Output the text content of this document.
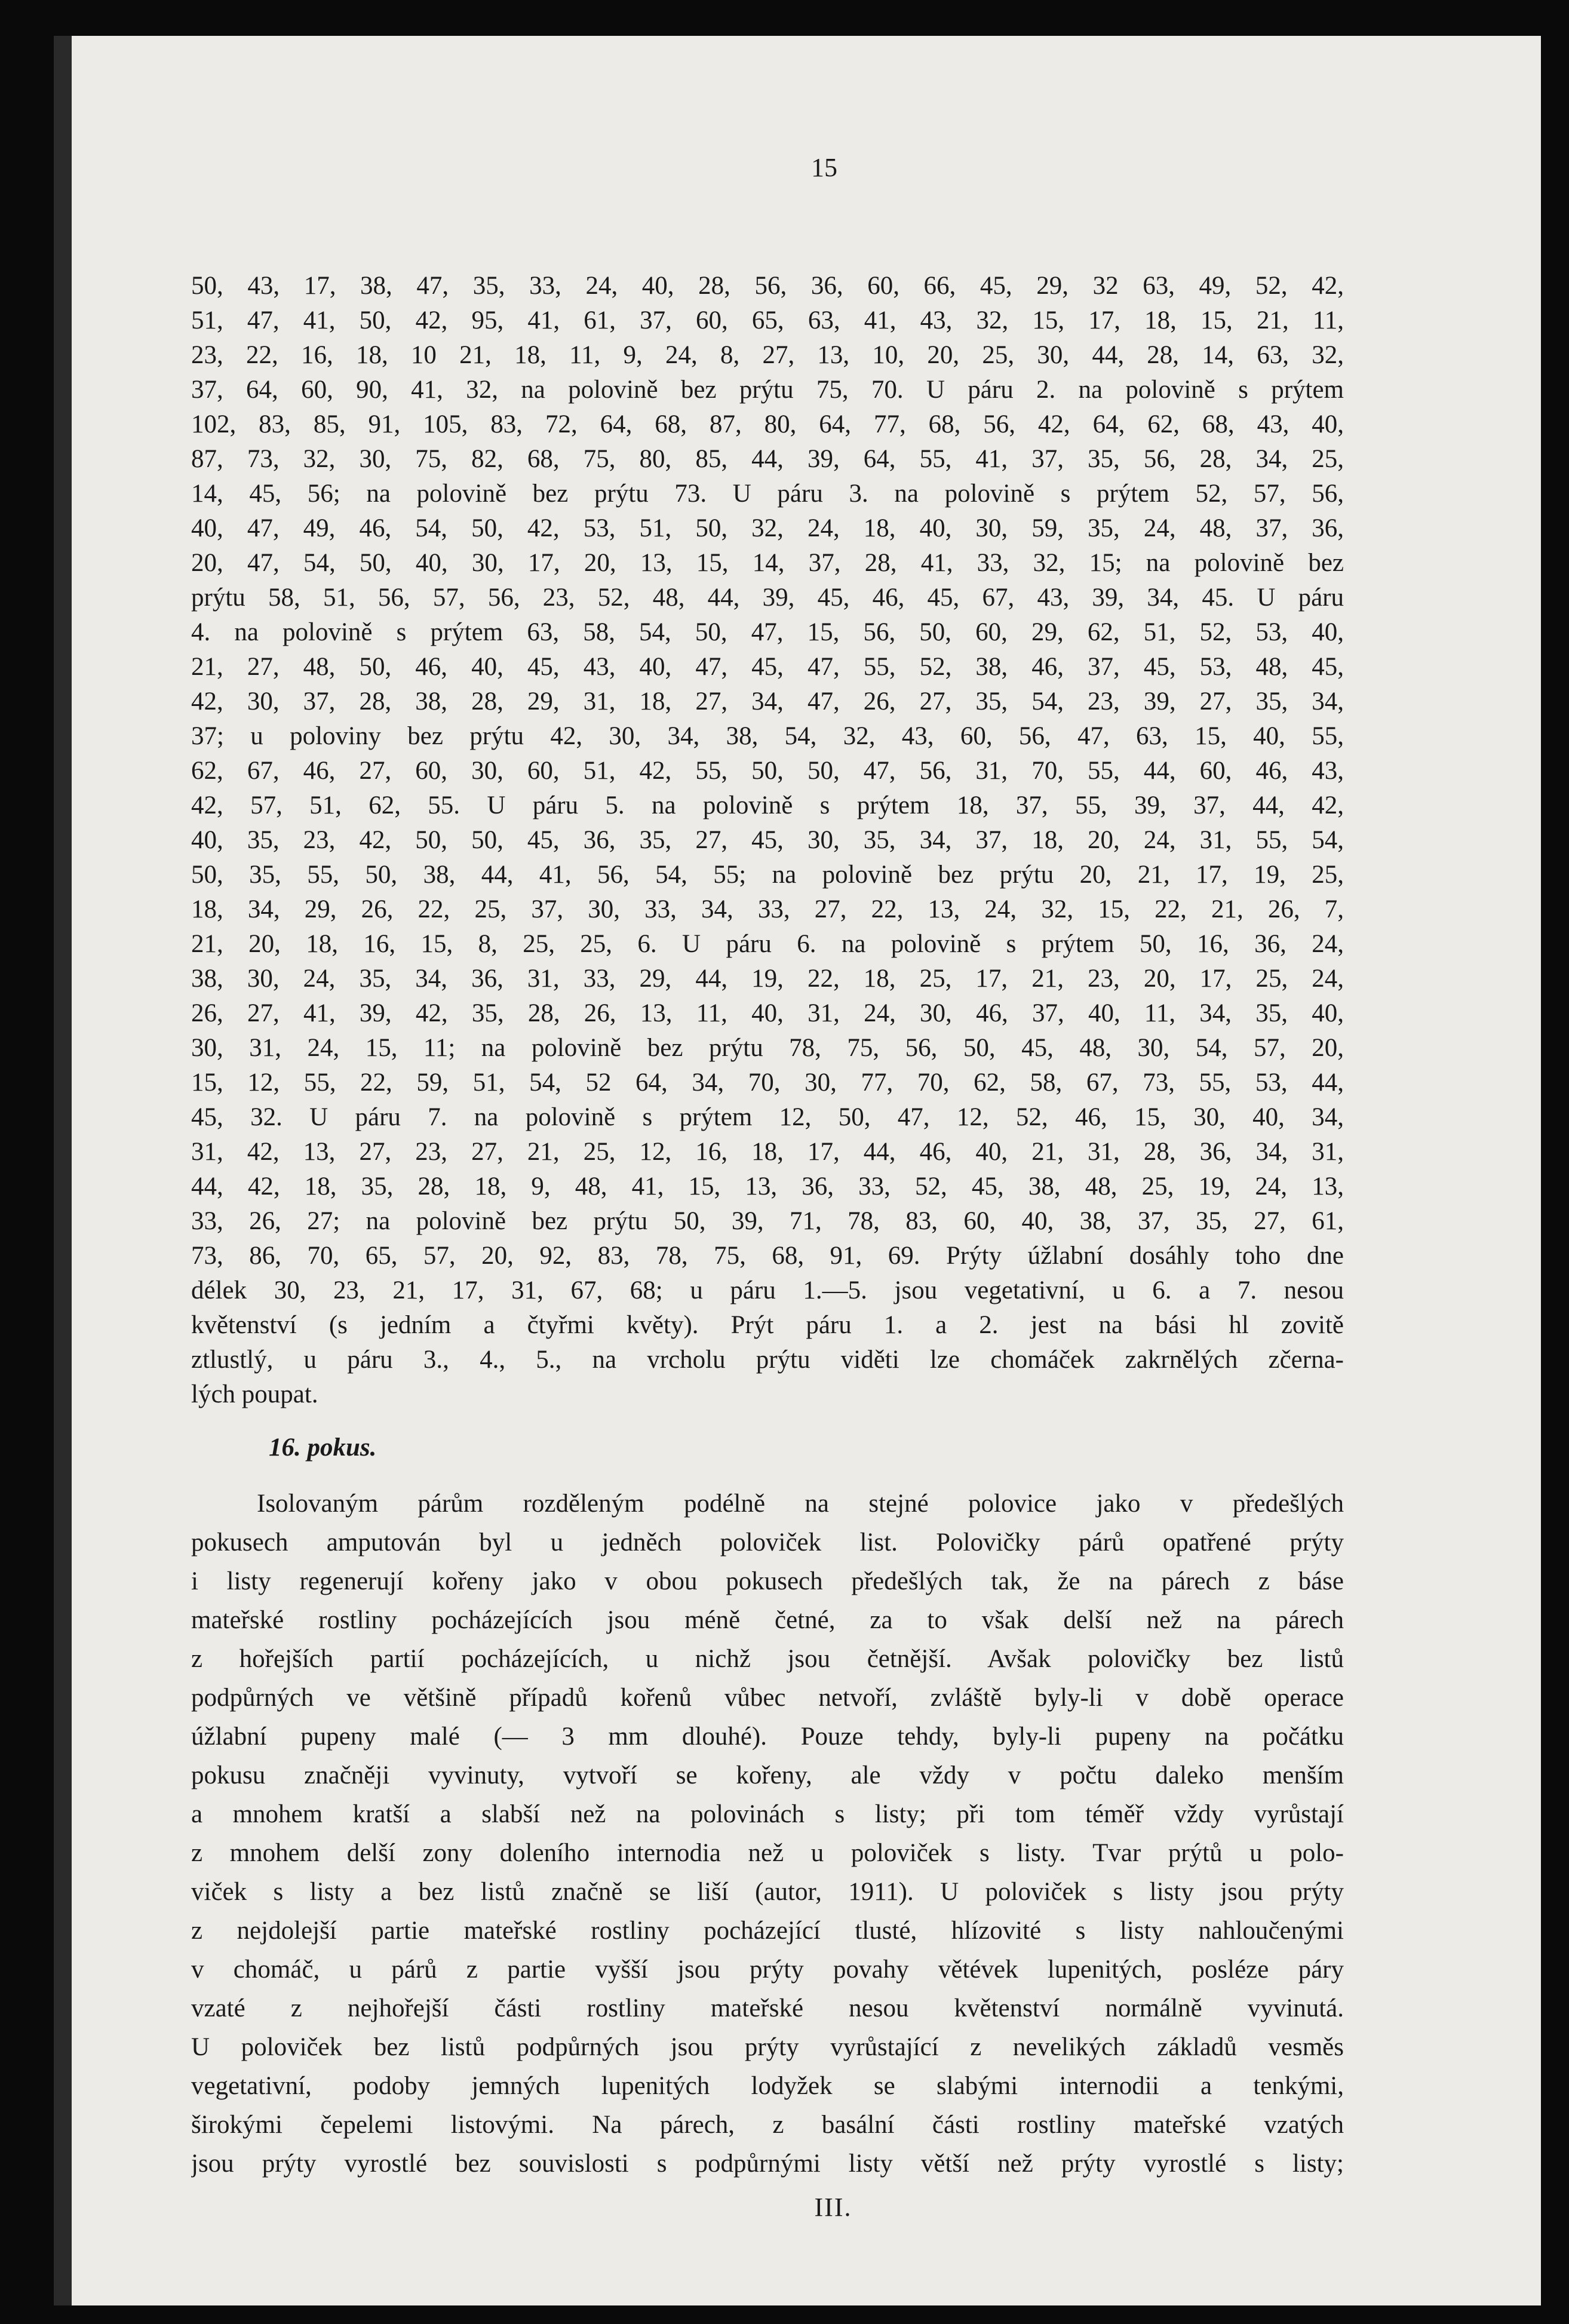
15
50, 43, 17, 38, 47, 35, 33, 24, 40, 28, 56, 36, 60, 66, 45, 29, 32 63, 49, 52, 42,
51, 47, 41, 50, 42, 95, 41, 61, 37, 60, 65, 63, 41, 43, 32, 15, 17, 18, 15, 21, 11,
23, 22, 16, 18, 10 21, 18, 11, 9, 24, 8, 27, 13, 10, 20, 25, 30, 44, 28, 14, 63, 32,
37, 64, 60, 90, 41, 32, na polovině bez prýtu 75, 70. U páru 2. na polovině s prýtem
102, 83, 85, 91, 105, 83, 72, 64, 68, 87, 80, 64, 77, 68, 56, 42, 64, 62, 68, 43, 40,
87, 73, 32, 30, 75, 82, 68, 75, 80, 85, 44, 39, 64, 55, 41, 37, 35, 56, 28, 34, 25,
14, 45, 56; na polovině bez prýtu 73. U páru 3. na polovině s prýtem 52, 57, 56,
40, 47, 49, 46, 54, 50, 42, 53, 51, 50, 32, 24, 18, 40, 30, 59, 35, 24, 48, 37, 36,
20, 47, 54, 50, 40, 30, 17, 20, 13, 15, 14, 37, 28, 41, 33, 32, 15; na polovině bez
prýtu 58, 51, 56, 57, 56, 23, 52, 48, 44, 39, 45, 46, 45, 67, 43, 39, 34, 45. U páru
4. na polovině s prýtem 63, 58, 54, 50, 47, 15, 56, 50, 60, 29, 62, 51, 52, 53, 40,
21, 27, 48, 50, 46, 40, 45, 43, 40, 47, 45, 47, 55, 52, 38, 46, 37, 45, 53, 48, 45,
42, 30, 37, 28, 38, 28, 29, 31, 18, 27, 34, 47, 26, 27, 35, 54, 23, 39, 27, 35, 34,
37; u poloviny bez prýtu 42, 30, 34, 38, 54, 32, 43, 60, 56, 47, 63, 15, 40, 55,
62, 67, 46, 27, 60, 30, 60, 51, 42, 55, 50, 50, 47, 56, 31, 70, 55, 44, 60, 46, 43,
42, 57, 51, 62, 55. U páru 5. na polovině s prýtem 18, 37, 55, 39, 37, 44, 42,
40, 35, 23, 42, 50, 50, 45, 36, 35, 27, 45, 30, 35, 34, 37, 18, 20, 24, 31, 55, 54,
50, 35, 55, 50, 38, 44, 41, 56, 54, 55; na polovině bez prýtu 20, 21, 17, 19, 25,
18, 34, 29, 26, 22, 25, 37, 30, 33, 34, 33, 27, 22, 13, 24, 32, 15, 22, 21, 26, 7,
21, 20, 18, 16, 15, 8, 25, 25, 6. U páru 6. na polovině s prýtem 50, 16, 36, 24,
38, 30, 24, 35, 34, 36, 31, 33, 29, 44, 19, 22, 18, 25, 17, 21, 23, 20, 17, 25, 24,
26, 27, 41, 39, 42, 35, 28, 26, 13, 11, 40, 31, 24, 30, 46, 37, 40, 11, 34, 35, 40,
30, 31, 24, 15, 11; na polovině bez prýtu 78, 75, 56, 50, 45, 48, 30, 54, 57, 20,
15, 12, 55, 22, 59, 51, 54, 52 64, 34, 70, 30, 77, 70, 62, 58, 67, 73, 55, 53, 44,
45, 32. U páru 7. na polovině s prýtem 12, 50, 47, 12, 52, 46, 15, 30, 40, 34,
31, 42, 13, 27, 23, 27, 21, 25, 12, 16, 18, 17, 44, 46, 40, 21, 31, 28, 36, 34, 31,
44, 42, 18, 35, 28, 18, 9, 48, 41, 15, 13, 36, 33, 52, 45, 38, 48, 25, 19, 24, 13,
33, 26, 27; na polovině bez prýtu 50, 39, 71, 78, 83, 60, 40, 38, 37, 35, 27, 61,
73, 86, 70, 65, 57, 20, 92, 83, 78, 75, 68, 91, 69. Prýty úžlabní dosáhly toho dne
délek 30, 23, 21, 17, 31, 67, 68; u páru 1.—5. jsou vegetativní, u 6. a 7. nesou
květenství (s jedním a čtyřmi květy). Prýt páru 1. a 2. jest na bási hl zovitě
ztlustlý, u páru 3., 4., 5., na vrcholu prýtu viděti lze chomáček zakrnělých zčerna-
lých poupat.
16. pokus.
Isolovaným párům rozděleným podélně na stejné polovice jako v předešlých
pokusech amputován byl u jedněch poloviček list. Polovičky párů opatřené prýty
i listy regenerují kořeny jako v obou pokusech předešlých tak, že na párech z báse
mateřské rostliny pocházejících jsou méně četné, za to však delší než na párech
z hořejších partií pocházejících, u nichž jsou četnější. Avšak polovičky bez listů
podpůrných ve většině případů kořenů vůbec netvoří, zvláště byly-li v době operace
úžlabní pupeny malé (— 3 mm dlouhé). Pouze tehdy, byly-li pupeny na počátku
pokusu značněji vyvinuty, vytvoří se kořeny, ale vždy v počtu daleko menším
a mnohem kratší a slabší než na polovinách s listy; při tom téměř vždy vyrůstají
z mnohem delší zony doleního internodia než u poloviček s listy. Tvar prýtů u polo-
viček s listy a bez listů značně se liší (autor, 1911). U poloviček s listy jsou prýty
z nejdolejší partie mateřské rostliny pocházející tlusté, hlízovité s listy nahloučenými
v chomáč, u párů z partie vyšší jsou prýty povahy větévek lupenitých, posléze páry
vzaté z nejhořejší části rostliny mateřské nesou květenství normálně vyvinutá.
U poloviček bez listů podpůrných jsou prýty vyrůstající z nevelikých základů vesměs
vegetativní, podoby jemných lupenitých lodyžek se slabými internodii a tenkými,
širokými čepelemi listovými. Na párech, z basální části rostliny mateřské vzatých
jsou prýty vyrostlé bez souvislosti s podpůrnými listy větší než prýty vyrostlé s listy;
III.
